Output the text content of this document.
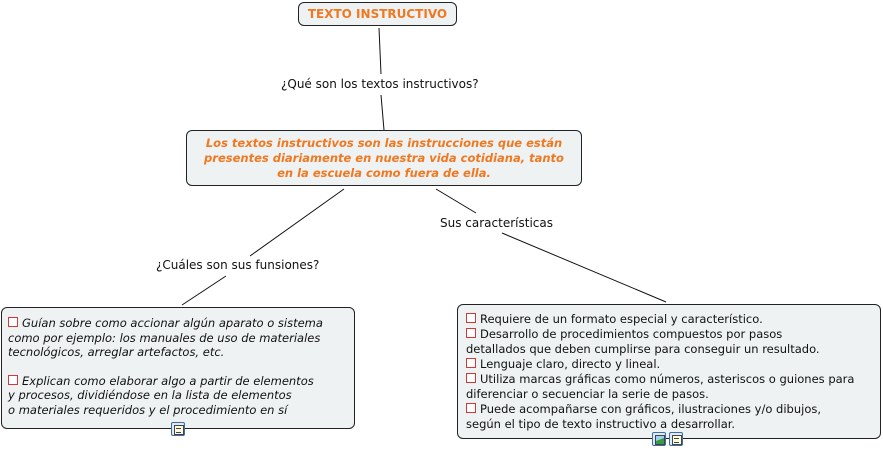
TEXTO INSTRUCTIVO
¿Qué son los textos instructivos?
Los textos instructivos son las instrucciones que están presentes diariamente en nuestra vida cotidiana, tanto en la escuela como fuera de ella.
¿Cuáles son sus funsiones?
Sus características
Guían sobre como accionar algún aparato o sistema
como por ejemplo: los manuales de uso de materiales
tecnológicos, arreglar artefactos, etc.
Explican como elaborar algo a partir de elementos
y procesos, dividiéndose en la lista de elementos
o materiales requeridos y el procedimiento en sí
Requiere de un formato especial y característico.
Desarrollo de procedimientos compuestos por pasos
detallados que deben cumplirse para conseguir un resultado.
Lenguaje claro, directo y lineal.
Utiliza marcas gráficas como números, asteriscos o guiones para
diferenciar o secuenciar la serie de pasos.
Puede acompañarse con gráficos, ilustraciones y/o dibujos,
según el tipo de texto instructivo a desarrollar.
